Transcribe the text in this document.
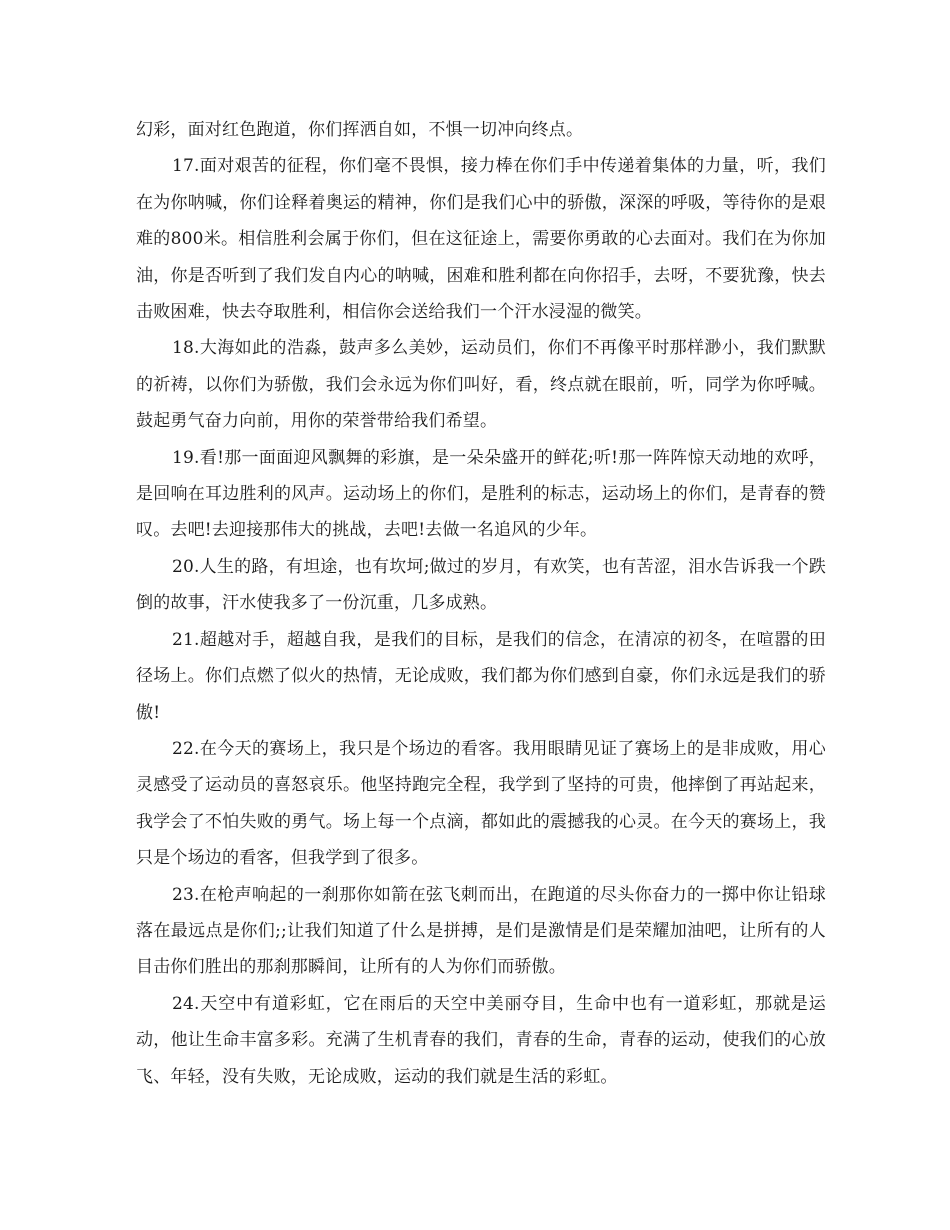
幻彩，面对红色跑道，你们挥洒自如，不惧一切冲向终点。

17.面对艰苦的征程，你们毫不畏惧，接力棒在你们手中传递着集体的力量，听，我们在为你呐喊，你们诠释着奥运的精神，你们是我们心中的骄傲，深深的呼吸，等待你的是艰难的800米。相信胜利会属于你们，但在这征途上，需要你勇敢的心去面对。我们在为你加油，你是否听到了我们发自内心的呐喊，困难和胜利都在向你招手，去呀，不要犹豫，快去击败困难，快去夺取胜利，相信你会送给我们一个汗水浸湿的微笑。

18.大海如此的浩淼，鼓声多么美妙，运动员们，你们不再像平时那样渺小，我们默默的祈祷，以你们为骄傲，我们会永远为你们叫好，看，终点就在眼前，听，同学为你呼喊。鼓起勇气奋力向前，用你的荣誉带给我们希望。

19.看!那一面面迎风飘舞的彩旗，是一朵朵盛开的鲜花;听!那一阵阵惊天动地的欢呼，是回响在耳边胜利的风声。运动场上的你们，是胜利的标志，运动场上的你们，是青春的赞叹。去吧!去迎接那伟大的挑战，去吧!去做一名追风的少年。

20.人生的路，有坦途，也有坎坷;做过的岁月，有欢笑，也有苦涩，泪水告诉我一个跌倒的故事，汗水使我多了一份沉重，几多成熟。

21.超越对手，超越自我，是我们的目标，是我们的信念，在清凉的初冬，在喧嚣的田径场上。你们点燃了似火的热情，无论成败，我们都为你们感到自豪，你们永远是我们的骄傲!

22.在今天的赛场上，我只是个场边的看客。我用眼睛见证了赛场上的是非成败，用心灵感受了运动员的喜怒哀乐。他坚持跑完全程，我学到了坚持的可贵，他摔倒了再站起来，我学会了不怕失败的勇气。场上每一个点滴，都如此的震撼我的心灵。在今天的赛场上，我只是个场边的看客，但我学到了很多。

23.在枪声响起的一刹那你如箭在弦飞刺而出，在跑道的尽头你奋力的一掷中你让铅球落在最远点是你们;;让我们知道了什么是拼搏，是们是激情是们是荣耀加油吧，让所有的人目击你们胜出的那刹那瞬间，让所有的人为你们而骄傲。

24.天空中有道彩虹，它在雨后的天空中美丽夺目，生命中也有一道彩虹，那就是运动，他让生命丰富多彩。充满了生机青春的我们，青春的生命，青春的运动，使我们的心放飞、年轻，没有失败，无论成败，运动的我们就是生活的彩虹。
